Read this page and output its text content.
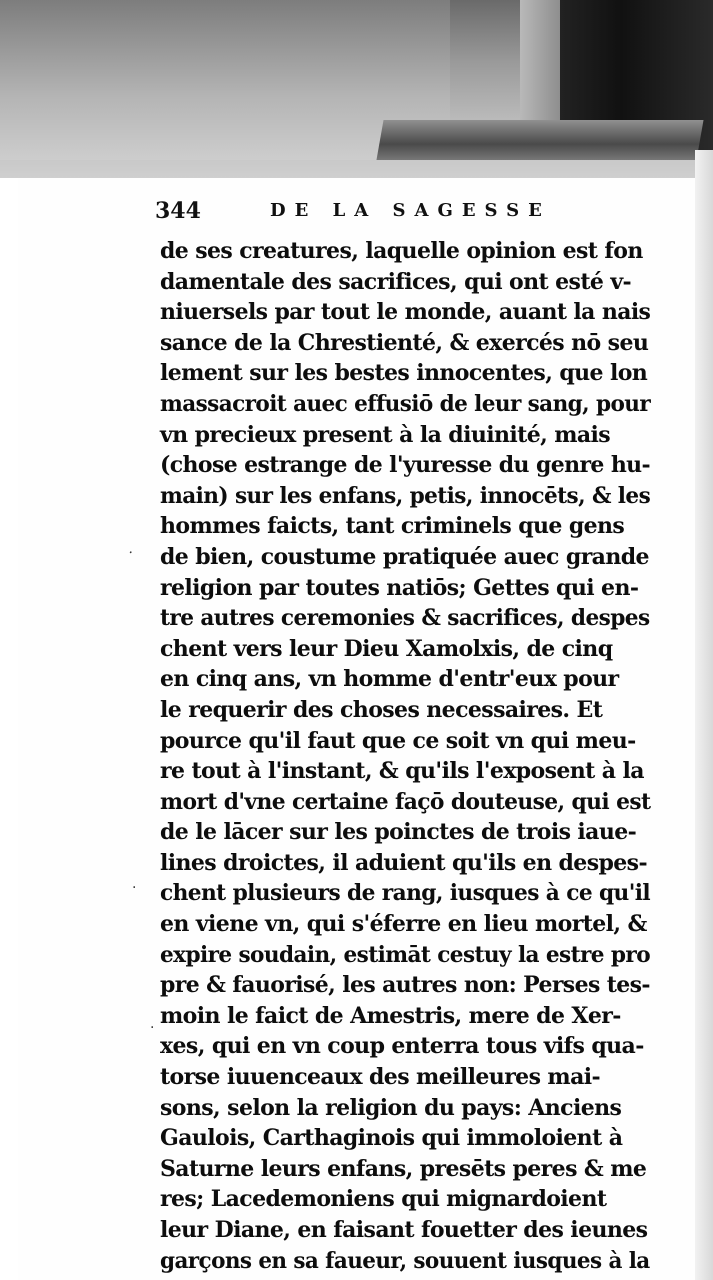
344	DE LA SAGESSE
de ses creatures, laquelle opinion est fon
damentale des sacrifices, qui ont esté v-
niuersels par tout le monde, auant la nais
sance de la Chrestienté, & exercés nō seu
lement sur les bestes innocentes, que lon
massacroit auec effusiō de leur sang, pour
vn precieux present à la diuinité, mais
(chose estrange de l'yuresse du genre hu-
main) sur les enfans, petis, innocēts, & les
hommes faicts, tant criminels que gens
de bien, coustume pratiquée auec grande
religion par toutes natiōs; Gettes qui en-
tre autres ceremonies & sacrifices, despes
chent vers leur Dieu Xamolxis, de cinq
en cinq ans, vn homme d'entr'eux pour
le requerir des choses necessaires. Et
pource qu'il faut que ce soit vn qui meu-
re tout à l'instant, & qu'ils l'exposent à la
mort d'vne certaine façō douteuse, qui est
de le lācer sur les poinctes de trois iaue-
lines droictes, il aduient qu'ils en despes-
chent plusieurs de rang, iusques à ce qu'il
en viene vn, qui s'éferre en lieu mortel, &
expire soudain, estimāt cestuy la estre pro
pre & fauorisé, les autres non: Perses tes-
moin le faict de Amestris, mere de Xer-
xes, qui en vn coup enterra tous vifs qua-
torse iuuenceaux des meilleures mai-
sons, selon la religion du pays: Anciens
Gaulois, Carthaginois qui immoloient à
Saturne leurs enfans, presēts peres & me
res; Lacedemoniens qui mignardoient
leur Diane, en faisant fouetter des ieunes
garçons en sa faueur, souuent iusques à la
·
·
·
